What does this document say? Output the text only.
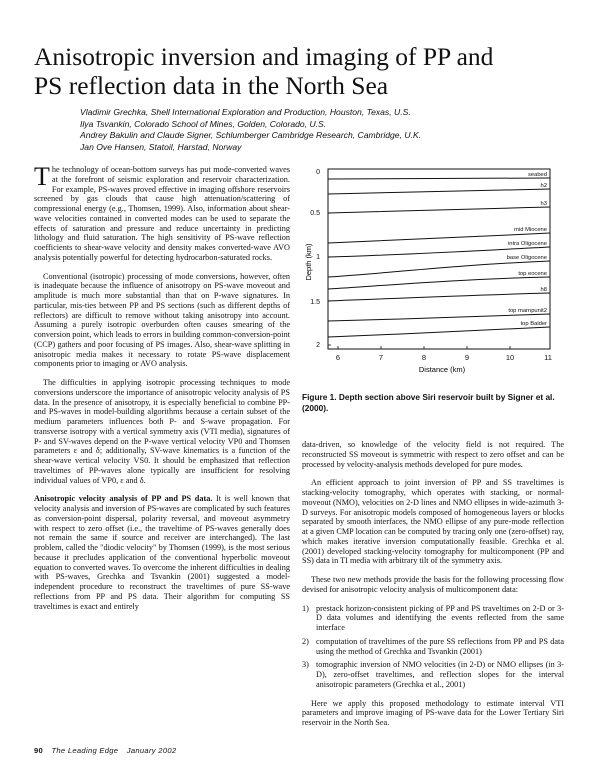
Anisotropic inversion and imaging of PP and
PS reflection data in the North Sea
Vladimir Grechka, Shell International Exploration and Production, Houston, Texas, U.S.
Ilya Tsvankin, Colorado School of Mines, Golden, Colorado, U.S.
Andrey Bakulin and Claude Signer, Schlumberger Cambridge Research, Cambridge, U.K.
Jan Ove Hansen, Statoil, Harstad, Norway

The technology of ocean-bottom surveys has put mode-converted waves at the forefront of seismic exploration and reservoir characterization. For example, PS-waves proved effective in imaging offshore reservoirs screened by gas clouds that cause high attenuation/scattering of compressional energy (e.g., Thomsen, 1999). Also, information about shear-wave velocities contained in converted modes can be used to separate the effects of saturation and pressure and reduce uncertainty in predicting lithology and fluid saturation. The high sensitivity of PS-wave reflection coefficients to shear-wave velocity and density makes converted-wave AVO analysis potentially powerful for detecting hydrocarbon-saturated rocks.

Conventional (isotropic) processing of mode conversions, however, often is inadequate because the influence of anisotropy on PS-wave moveout and amplitude is much more substantial than that on P-wave signatures. In particular, mis-ties between PP and PS sections (such as different depths of reflectors) are difficult to remove without taking anisotropy into account. Assuming a purely isotropic overburden often causes smearing of the conversion point, which leads to errors in building common-conversion-point (CCP) gathers and poor focusing of PS images. Also, shear-wave splitting in anisotropic media makes it necessary to rotate PS-wave displacement components prior to imaging or AVO analysis.

The difficulties in applying isotropic processing techniques to mode conversions underscore the importance of anisotropic velocity analysis of PS data. In the presence of anisotropy, it is especially beneficial to combine PP- and PS-waves in model-building algorithms because a certain subset of the medium parameters influences both P- and S-wave propagation. For transverse isotropy with a vertical symmetry axis (VTI media), signatures of P- and SV-waves depend on the P-wave vertical velocity VP0 and Thomsen parameters ε and δ; additionally, SV-wave kinematics is a function of the shear-wave vertical velocity VS0. It should be emphasized that reflection traveltimes of PP-waves alone typically are insufficient for resolving individual values of VP0, ε and δ.

Anisotropic velocity analysis of PP and PS data. It is well known that velocity analysis and inversion of PS-waves are complicated by such features as conversion-point dispersal, polarity reversal, and moveout asymmetry with respect to zero offset (i.e., the traveltime of PS-waves generally does not remain the same if source and receiver are interchanged). The last problem, called the "diodic velocity" by Thomsen (1999), is the most serious because it precludes application of the conventional hyperbolic moveout equation to converted waves. To overcome the inherent difficulties in dealing with PS-waves, Grechka and Tsvankin (2001) suggested a model-independent procedure to reconstruct the traveltimes of pure SS-wave reflections from PP and PS data. Their algorithm for computing SS traveltimes is exact and entirely

0
0.5
1
1.5
2
Depth (km)
6	7	8	9	10	11
Distance (km)
seabed
h2
h3
mid Miocene
intra Oligocene
base Oligocene
top eocene
h8
top marnpunit2
top Balder
Figure 1. Depth section above Siri reservoir built by Signer et al. (2000).

data-driven, so knowledge of the velocity field is not required. The reconstructed SS moveout is symmetric with respect to zero offset and can be processed by velocity-analysis methods developed for pure modes.

An efficient approach to joint inversion of PP and SS traveltimes is stacking-velocity tomography, which operates with stacking, or normal-moveout (NMO), velocities on 2-D lines and NMO ellipses in wide-azimuth 3-D surveys. For anisotropic models composed of homogeneous layers or blocks separated by smooth interfaces, the NMO ellipse of any pure-mode reflection at a given CMP location can be computed by tracing only one (zero-offset) ray, which makes iterative inversion computationally feasible. Grechka et al. (2001) developed stacking-velocity tomography for multicomponent (PP and SS) data in TI media with arbitrary tilt of the symmetry axis.

These two new methods provide the basis for the following processing flow devised for anisotropic velocity analysis of multicomponent data:

1) prestack horizon-consistent picking of PP and PS traveltimes on 2-D or 3-D data volumes and identifying the events reflected from the same interface
2) computation of traveltimes of the pure SS reflections from PP and PS data using the method of Grechka and Tsvankin (2001)
3) tomographic inversion of NMO velocities (in 2-D) or NMO ellipses (in 3-D), zero-offset traveltimes, and reflection slopes for the interval anisotropic parameters (Grechka et al., 2001)

Here we apply this proposed methodology to estimate interval VTI parameters and improve imaging of PS-wave data for the Lower Tertiary Siri reservoir in the North Sea.

90 The Leading Edge January 2002
